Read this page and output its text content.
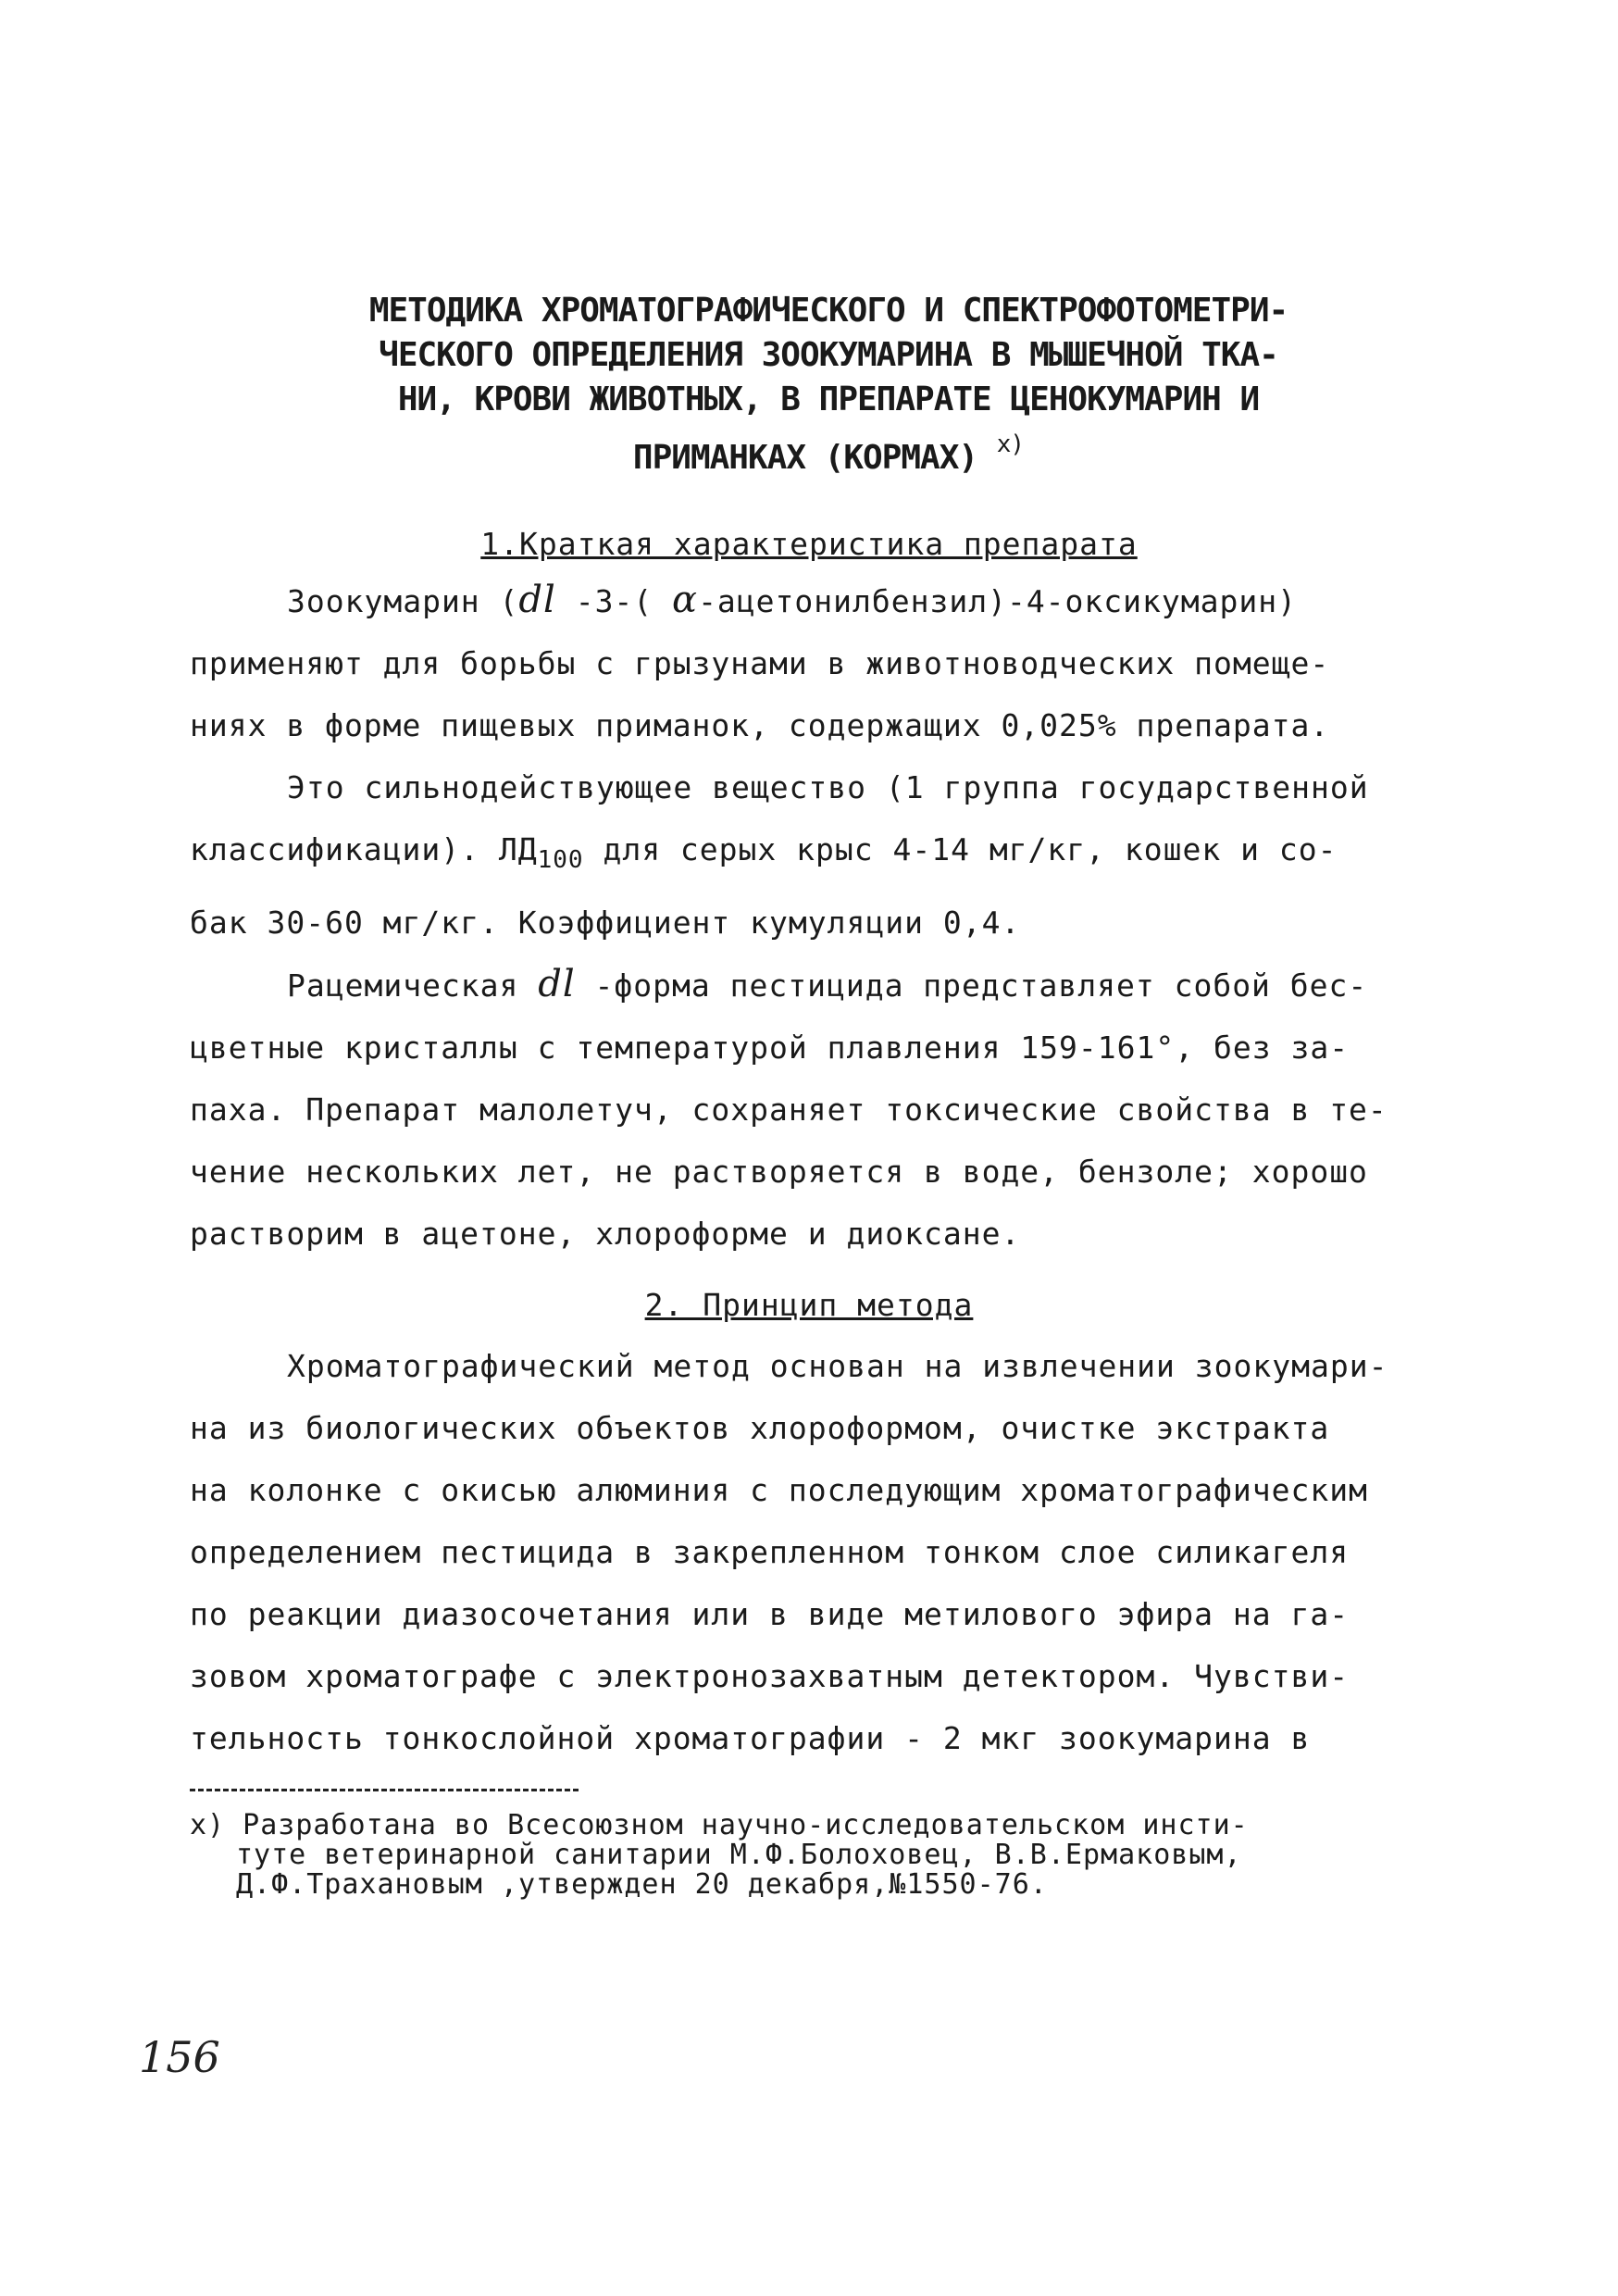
МЕТОДИКА ХРОМАТОГРАФИЧЕСКОГО И СПЕКТРОФОТОМЕТРИ-
ЧЕСКОГО ОПРЕДЕЛЕНИЯ ЗООКУМАРИНА В МЫШЕЧНОЙ ТКА-
НИ, КРОВИ ЖИВОТНЫХ, В ПРЕПАРАТЕ ЦЕНОКУМАРИН И
ПРИМАНКАХ (КОРМАХ) $^{x)}$
1.Краткая характеристика препарата
Зоокумарин (dl -3-( α-ацетонилбензил)-4-оксикумарин)
применяют для борьбы с грызунами в животноводческих помеще-
ниях в форме пищевых приманок, содержащих 0,025% препарата.
Это сильнодействующее вещество (1 группа государственной
классификации). $ЛД_{100}$ для серых крыс 4-14 мг/кг, кошек и со-
бак 30-60 мг/кг. Коэффициент кумуляции 0,4.
Рацемическая dl -форма пестицида представляет собой бес-
цветные кристаллы с температурой плавления 159-161°, без за-
паха. Препарат малолетуч, сохраняет токсические свойства в те-
чение нескольких лет, не растворяется в воде, бензоле; хорошо
растворим в ацетоне, хлороформе и диоксане.
2. Принцип метода
Хроматографический метод основан на извлечении зоокумари-
на из биологических объектов хлороформом, очистке экстракта
на колонке с окисью алюминия с последующим хроматографическим
определением пестицида в закрепленном тонком слое силикагеля
по реакции диазосочетания или в виде метилового эфира на га-
зовом хроматографе с электронозахватным детектором. Чувстви-
тельность тонкослойной хроматографии - 2 мкг зоокумарина в
x) Разработана во Всесоюзном научно-исследовательском инсти-
туте ветеринарной санитарии М.Ф.Болоховец, В.В.Ермаковым,
Д.Ф.Трахановым ,утвержден 20 декабря,№1550-76.
156
